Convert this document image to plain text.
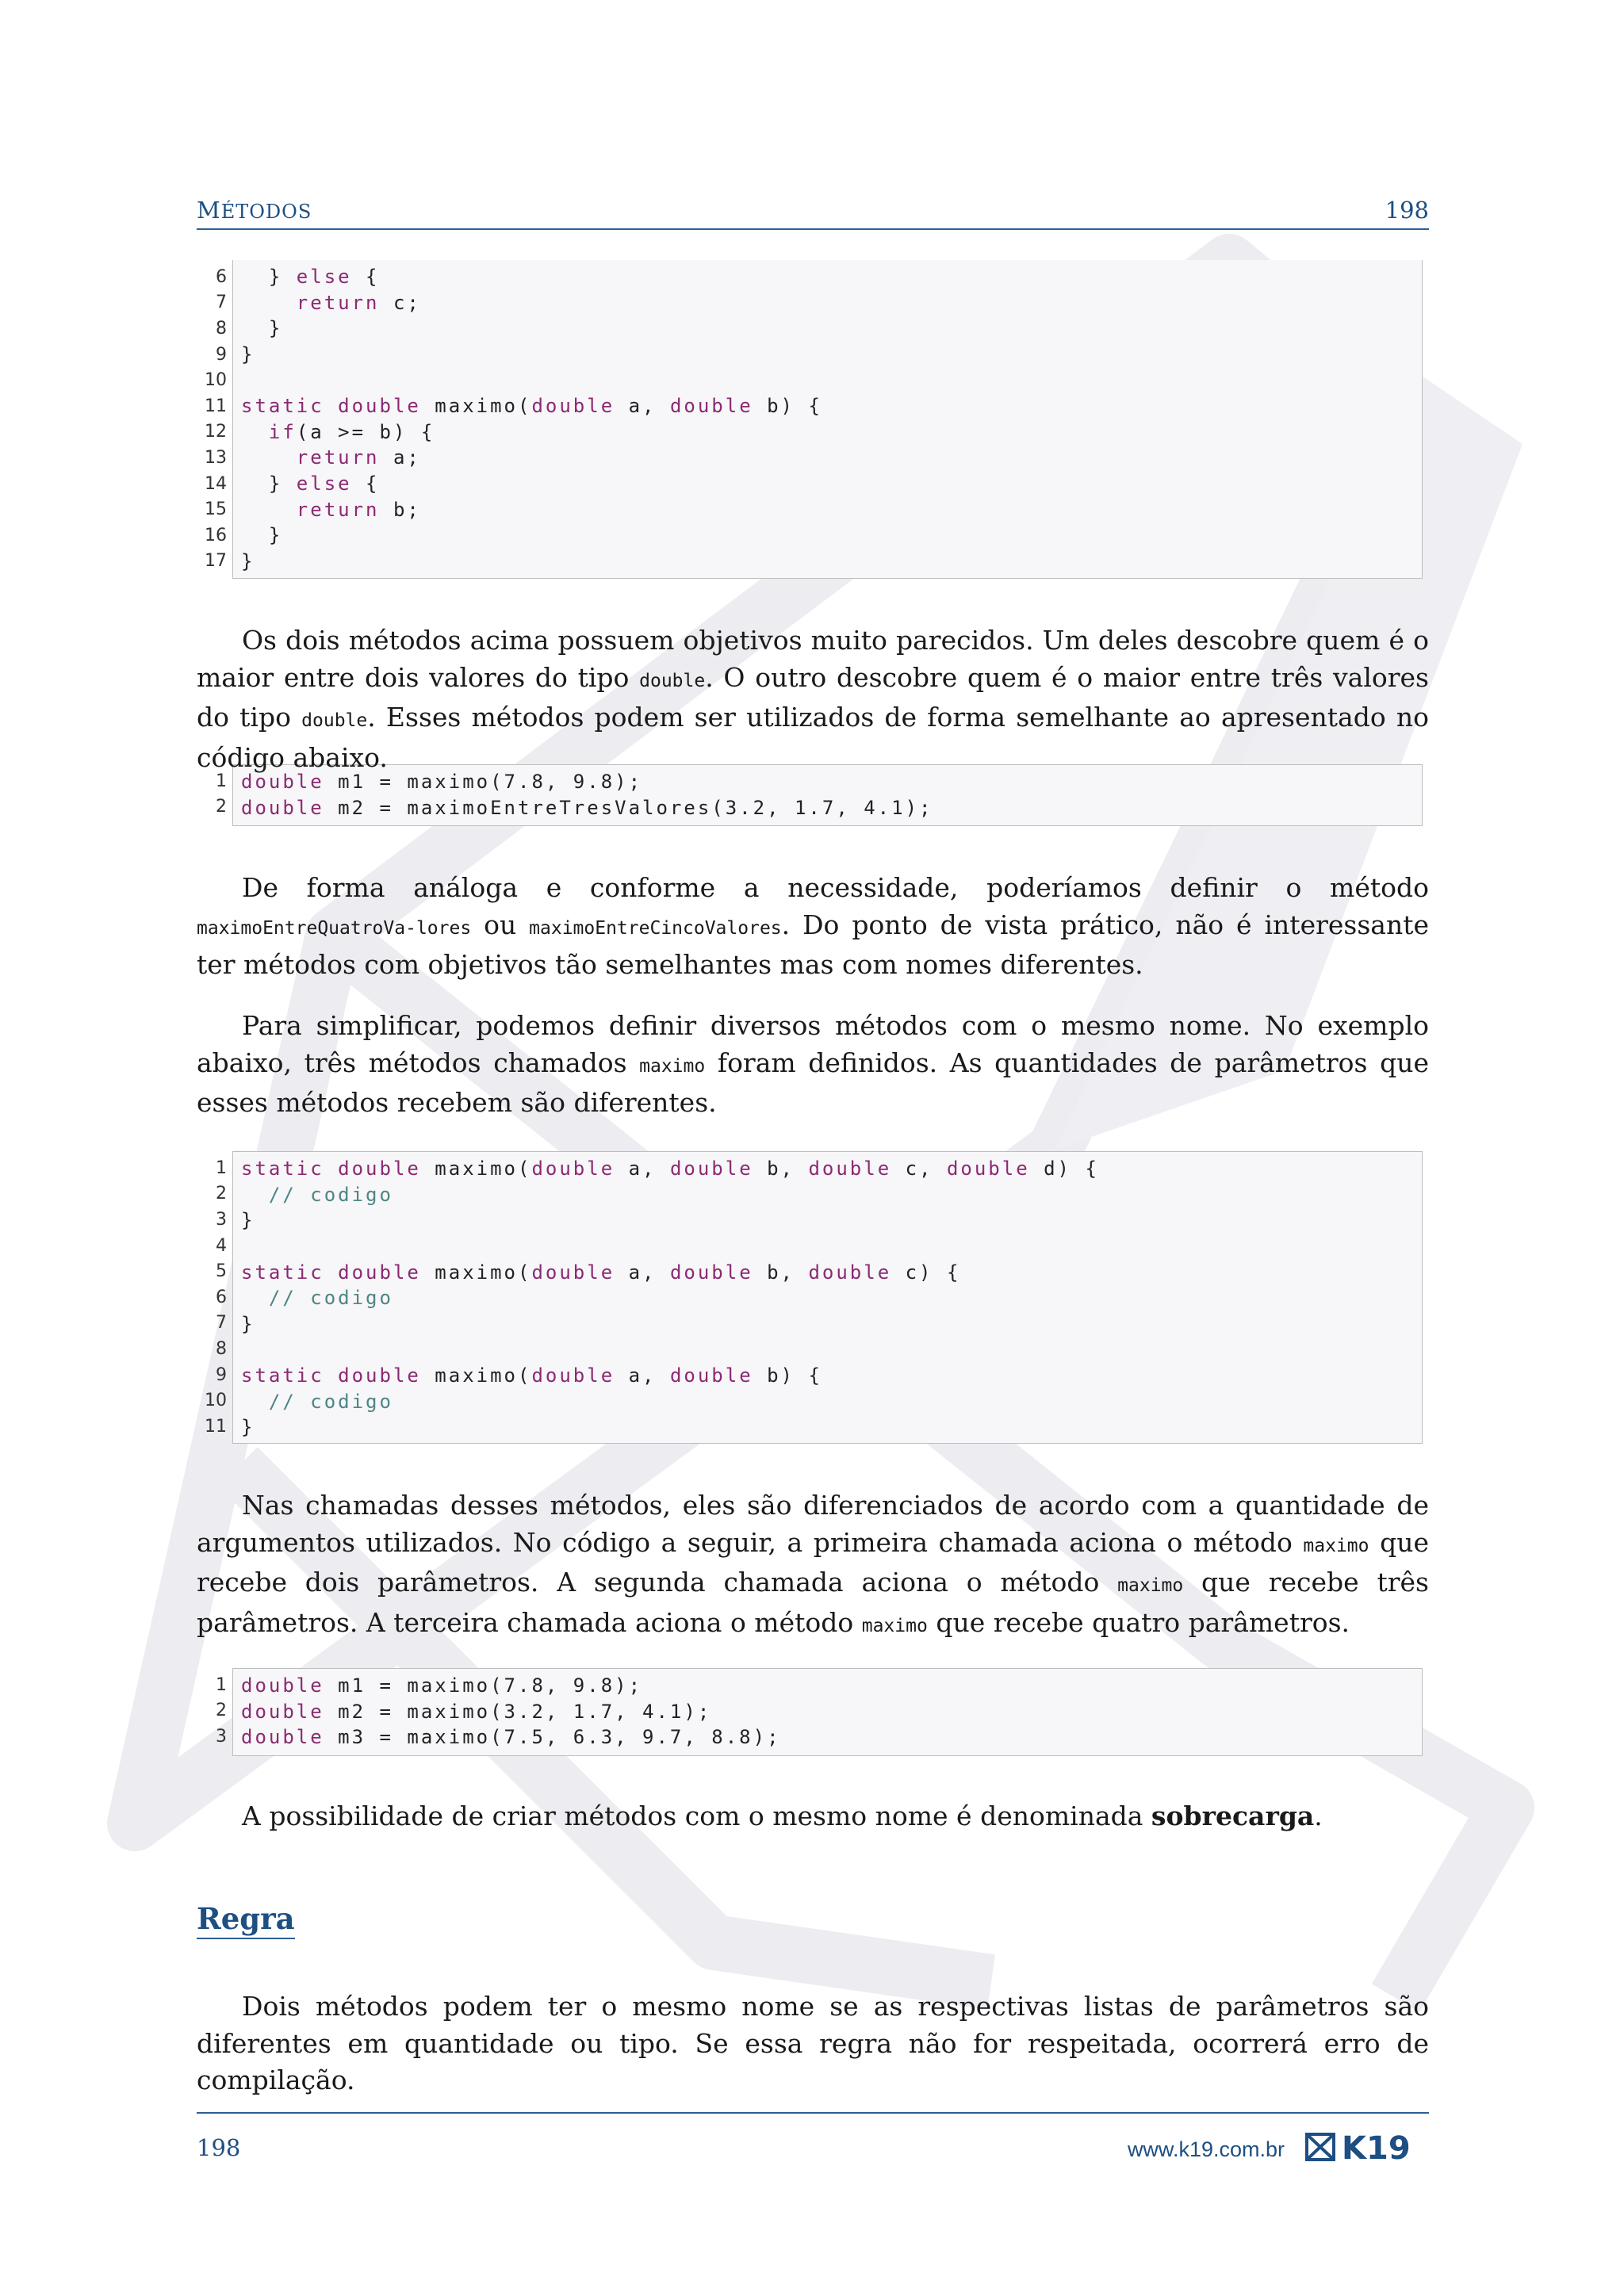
MÉTODOS	198
} else {

return c;
}
}
static
double maximo( double a, double b) {

if (a >= b) {

return a;
} else {

return b;
}
}
6
7
8
9
10
11
12
13
14
15
16
17
double m1 = maximo(7.8, 9.8);
double m2 = maximoEntreTresValores(3.2, 1.7, 4.1);
1
2
static
double maximo( double a, double b, double c, double d) {

// codigo
}
static
double maximo( double a, double b, double c) {

// codigo
}
static
double maximo( double a, double b) {

// codigo
}
1
2
3
4
5
6
7
8
9
10
11
double m1 = maximo(7.8, 9.8);
double m2 = maximo(3.2, 1.7, 4.1);
double m3 = maximo(7.5, 6.3, 9.7, 8.8);
1
2
3

Os dois métodos acima possuem objetivos muito parecidos. Um deles descobre quem é o maior entre dois valores do tipo double. O outro descobre quem é o maior entre três valores do tipo double. Esses métodos podem ser utilizados de forma semelhante ao apresentado no código abaixo.

De forma análoga e conforme a necessidade, poderíamos definir o método maximoEntreQuatroVa-lores ou maximoEntreCincoValores. Do ponto de vista prático, não é interessante ter métodos com objetivos tão semelhantes mas com nomes diferentes.

Para simplificar, podemos definir diversos métodos com o mesmo nome. No exemplo abaixo, três métodos chamados maximo foram definidos. As quantidades de parâmetros que esses métodos recebem são diferentes.

Nas chamadas desses métodos, eles são diferenciados de acordo com a quantidade de argumentos utilizados. No código a seguir, a primeira chamada aciona o método maximo que recebe dois parâmetros. A segunda chamada aciona o método maximo que recebe três parâmetros. A terceira chamada aciona o método maximo que recebe quatro parâmetros.

A possibilidade de criar métodos com o mesmo nome é denominada sobrecarga.

Regra

Dois métodos podem ter o mesmo nome se as respectivas listas de parâmetros são diferentes em quantidade ou tipo. Se essa regra não for respeitada, ocorrerá erro de compilação.

198	www.k19.com.br K19
